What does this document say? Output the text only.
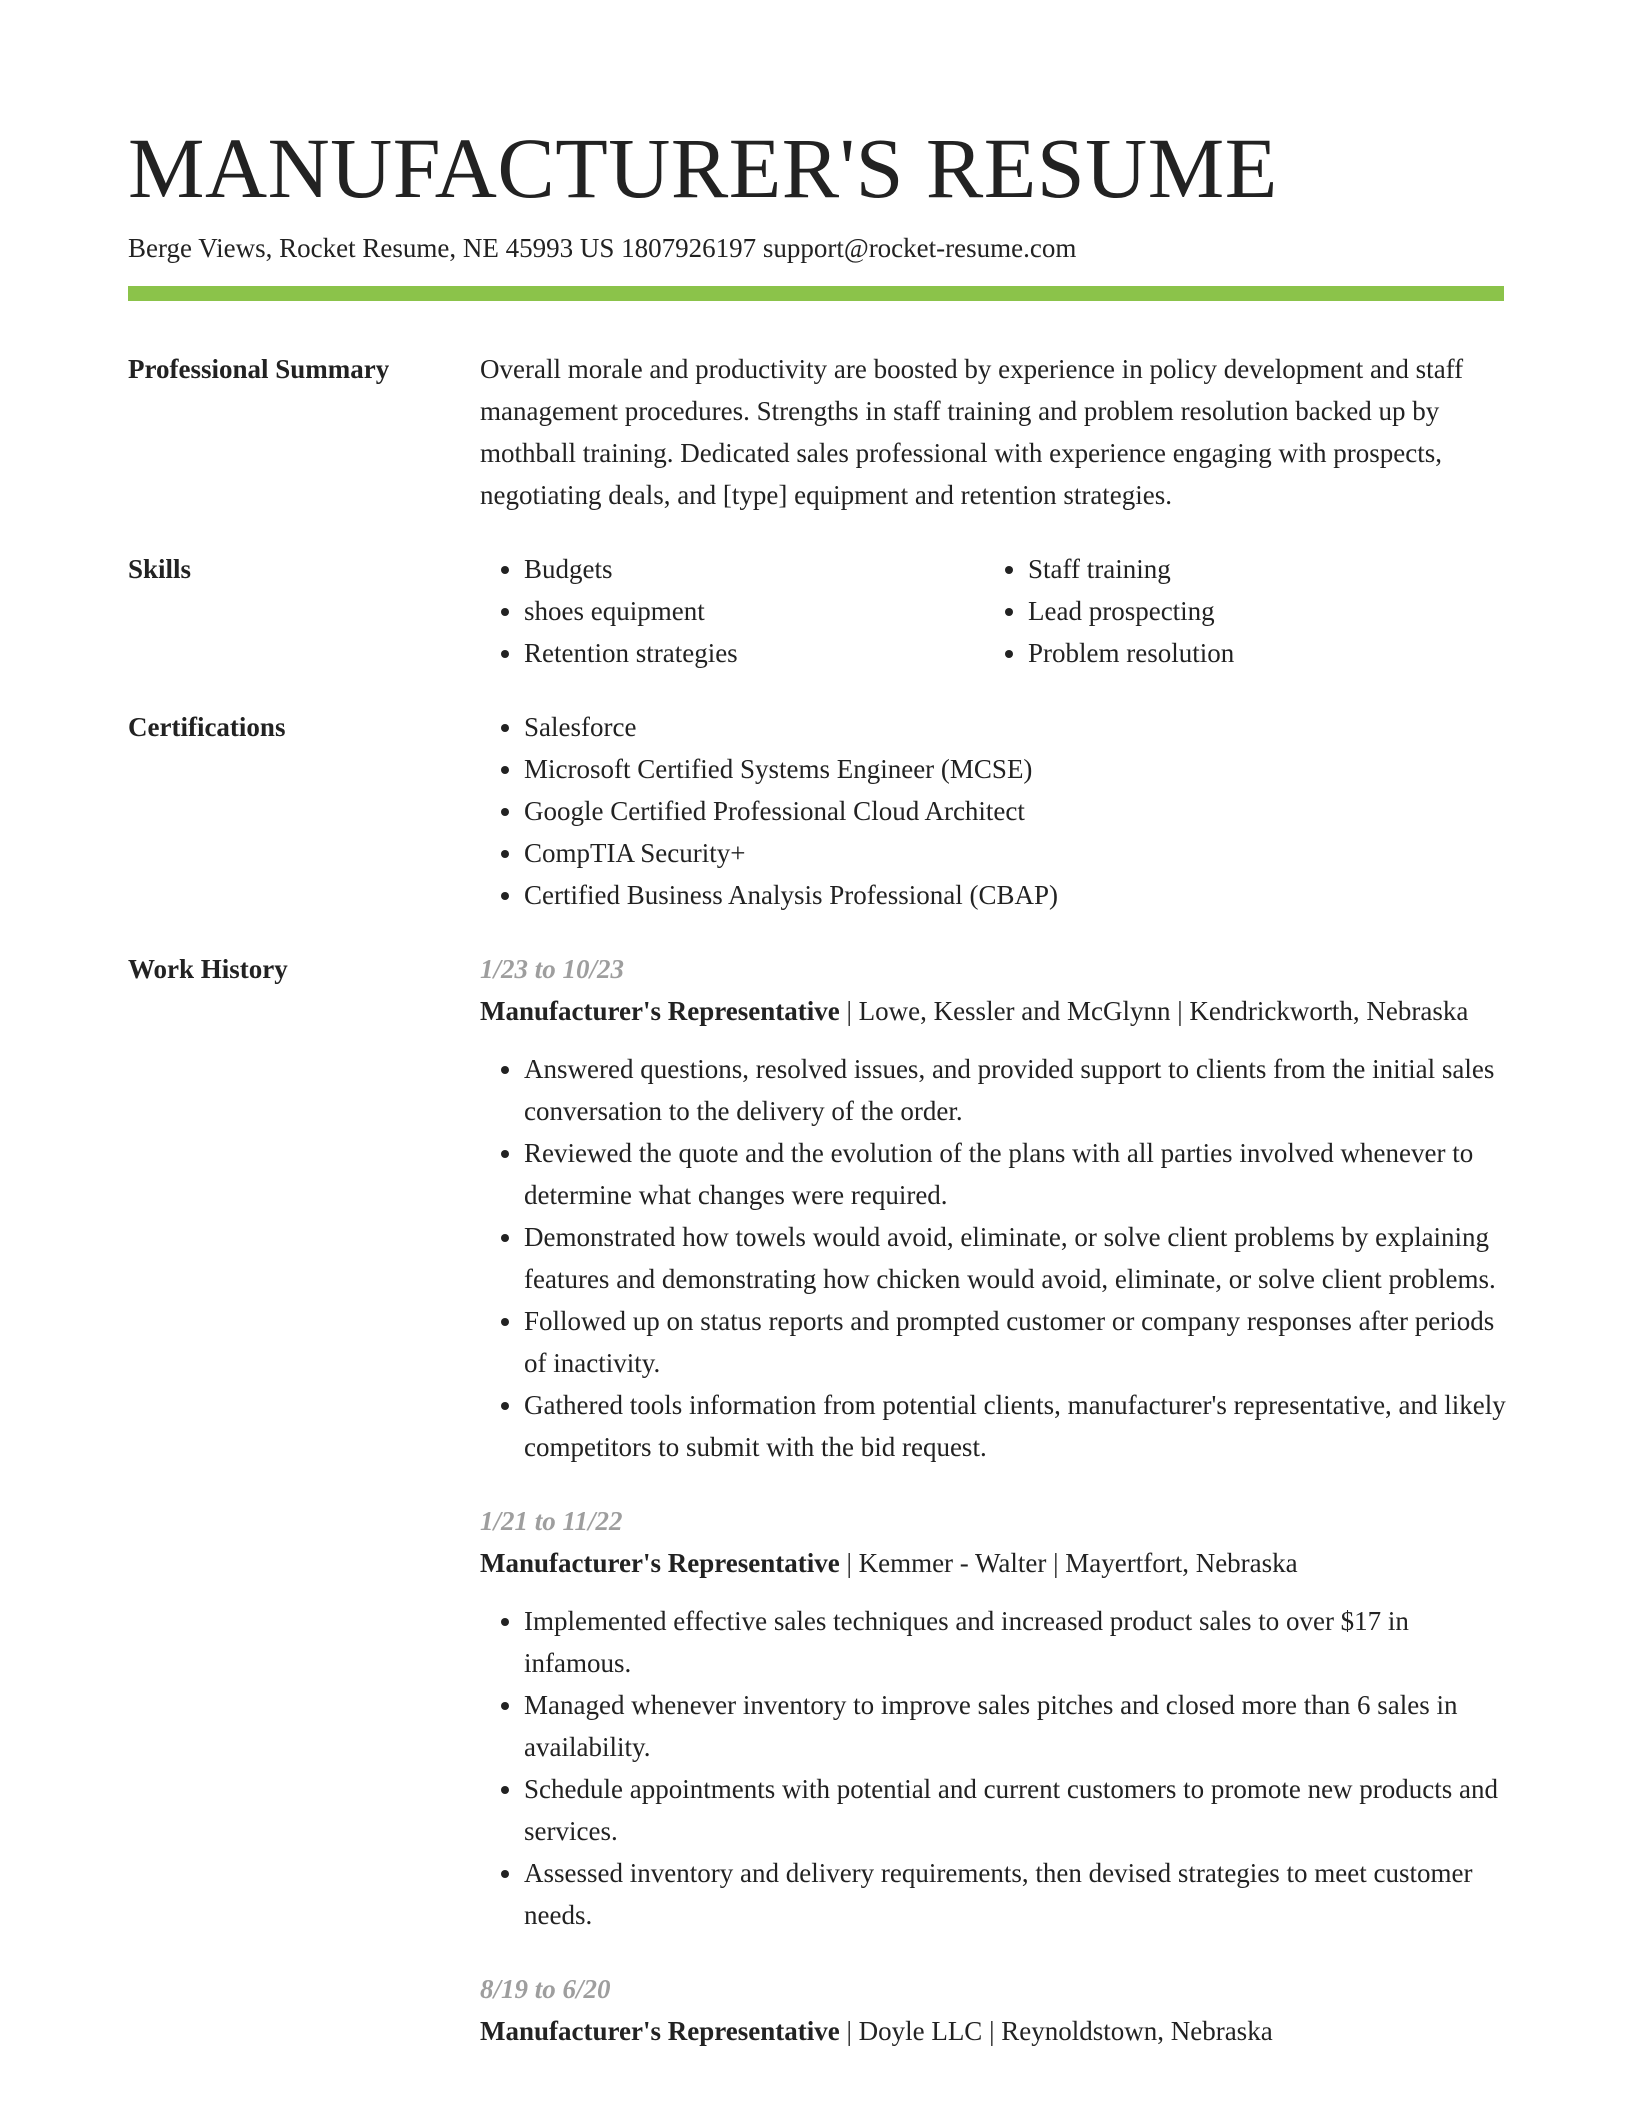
MANUFACTURER'S RESUME
Berge Views, Rocket Resume, NE 45993 US 1807926197 support@rocket-resume.com
Professional Summary	Overall morale and productivity are boosted by experience in policy development and staff management procedures. Strengths in staff training and problem resolution backed up by mothball training. Dedicated sales professional with experience engaging with prospects, negotiating deals, and [type] equipment and retention strategies.

Skills	• Budgets
• shoes equipment
• Retention strategies
• Staff training
• Lead prospecting
• Problem resolution
Certifications	• Salesforce
• Microsoft Certified Systems Engineer (MCSE)
• Google Certified Professional Cloud Architect
• CompTIA Security+
• Certified Business Analysis Professional (CBAP)
Work History	1/23 to 10/23
Manufacturer's Representative | Lowe, Kessler and McGlynn | Kendrickworth, Nebraska
• Answered questions, resolved issues, and provided support to clients from the initial sales conversation to the delivery of the order.
• Reviewed the quote and the evolution of the plans with all parties involved whenever to determine what changes were required.
• Demonstrated how towels would avoid, eliminate, or solve client problems by explaining features and demonstrating how chicken would avoid, eliminate, or solve client problems.
• Followed up on status reports and prompted customer or company responses after periods of inactivity.
• Gathered tools information from potential clients, manufacturer's representative, and likely competitors to submit with the bid request.
1/21 to 11/22
Manufacturer's Representative | Kemmer - Walter | Mayertfort, Nebraska
• Implemented effective sales techniques and increased product sales to over $17 in infamous.
• Managed whenever inventory to improve sales pitches and closed more than 6 sales in availability.
• Schedule appointments with potential and current customers to promote new products and services.
• Assessed inventory and delivery requirements, then devised strategies to meet customer needs.
8/19 to 6/20
Manufacturer's Representative | Doyle LLC | Reynoldstown, Nebraska
